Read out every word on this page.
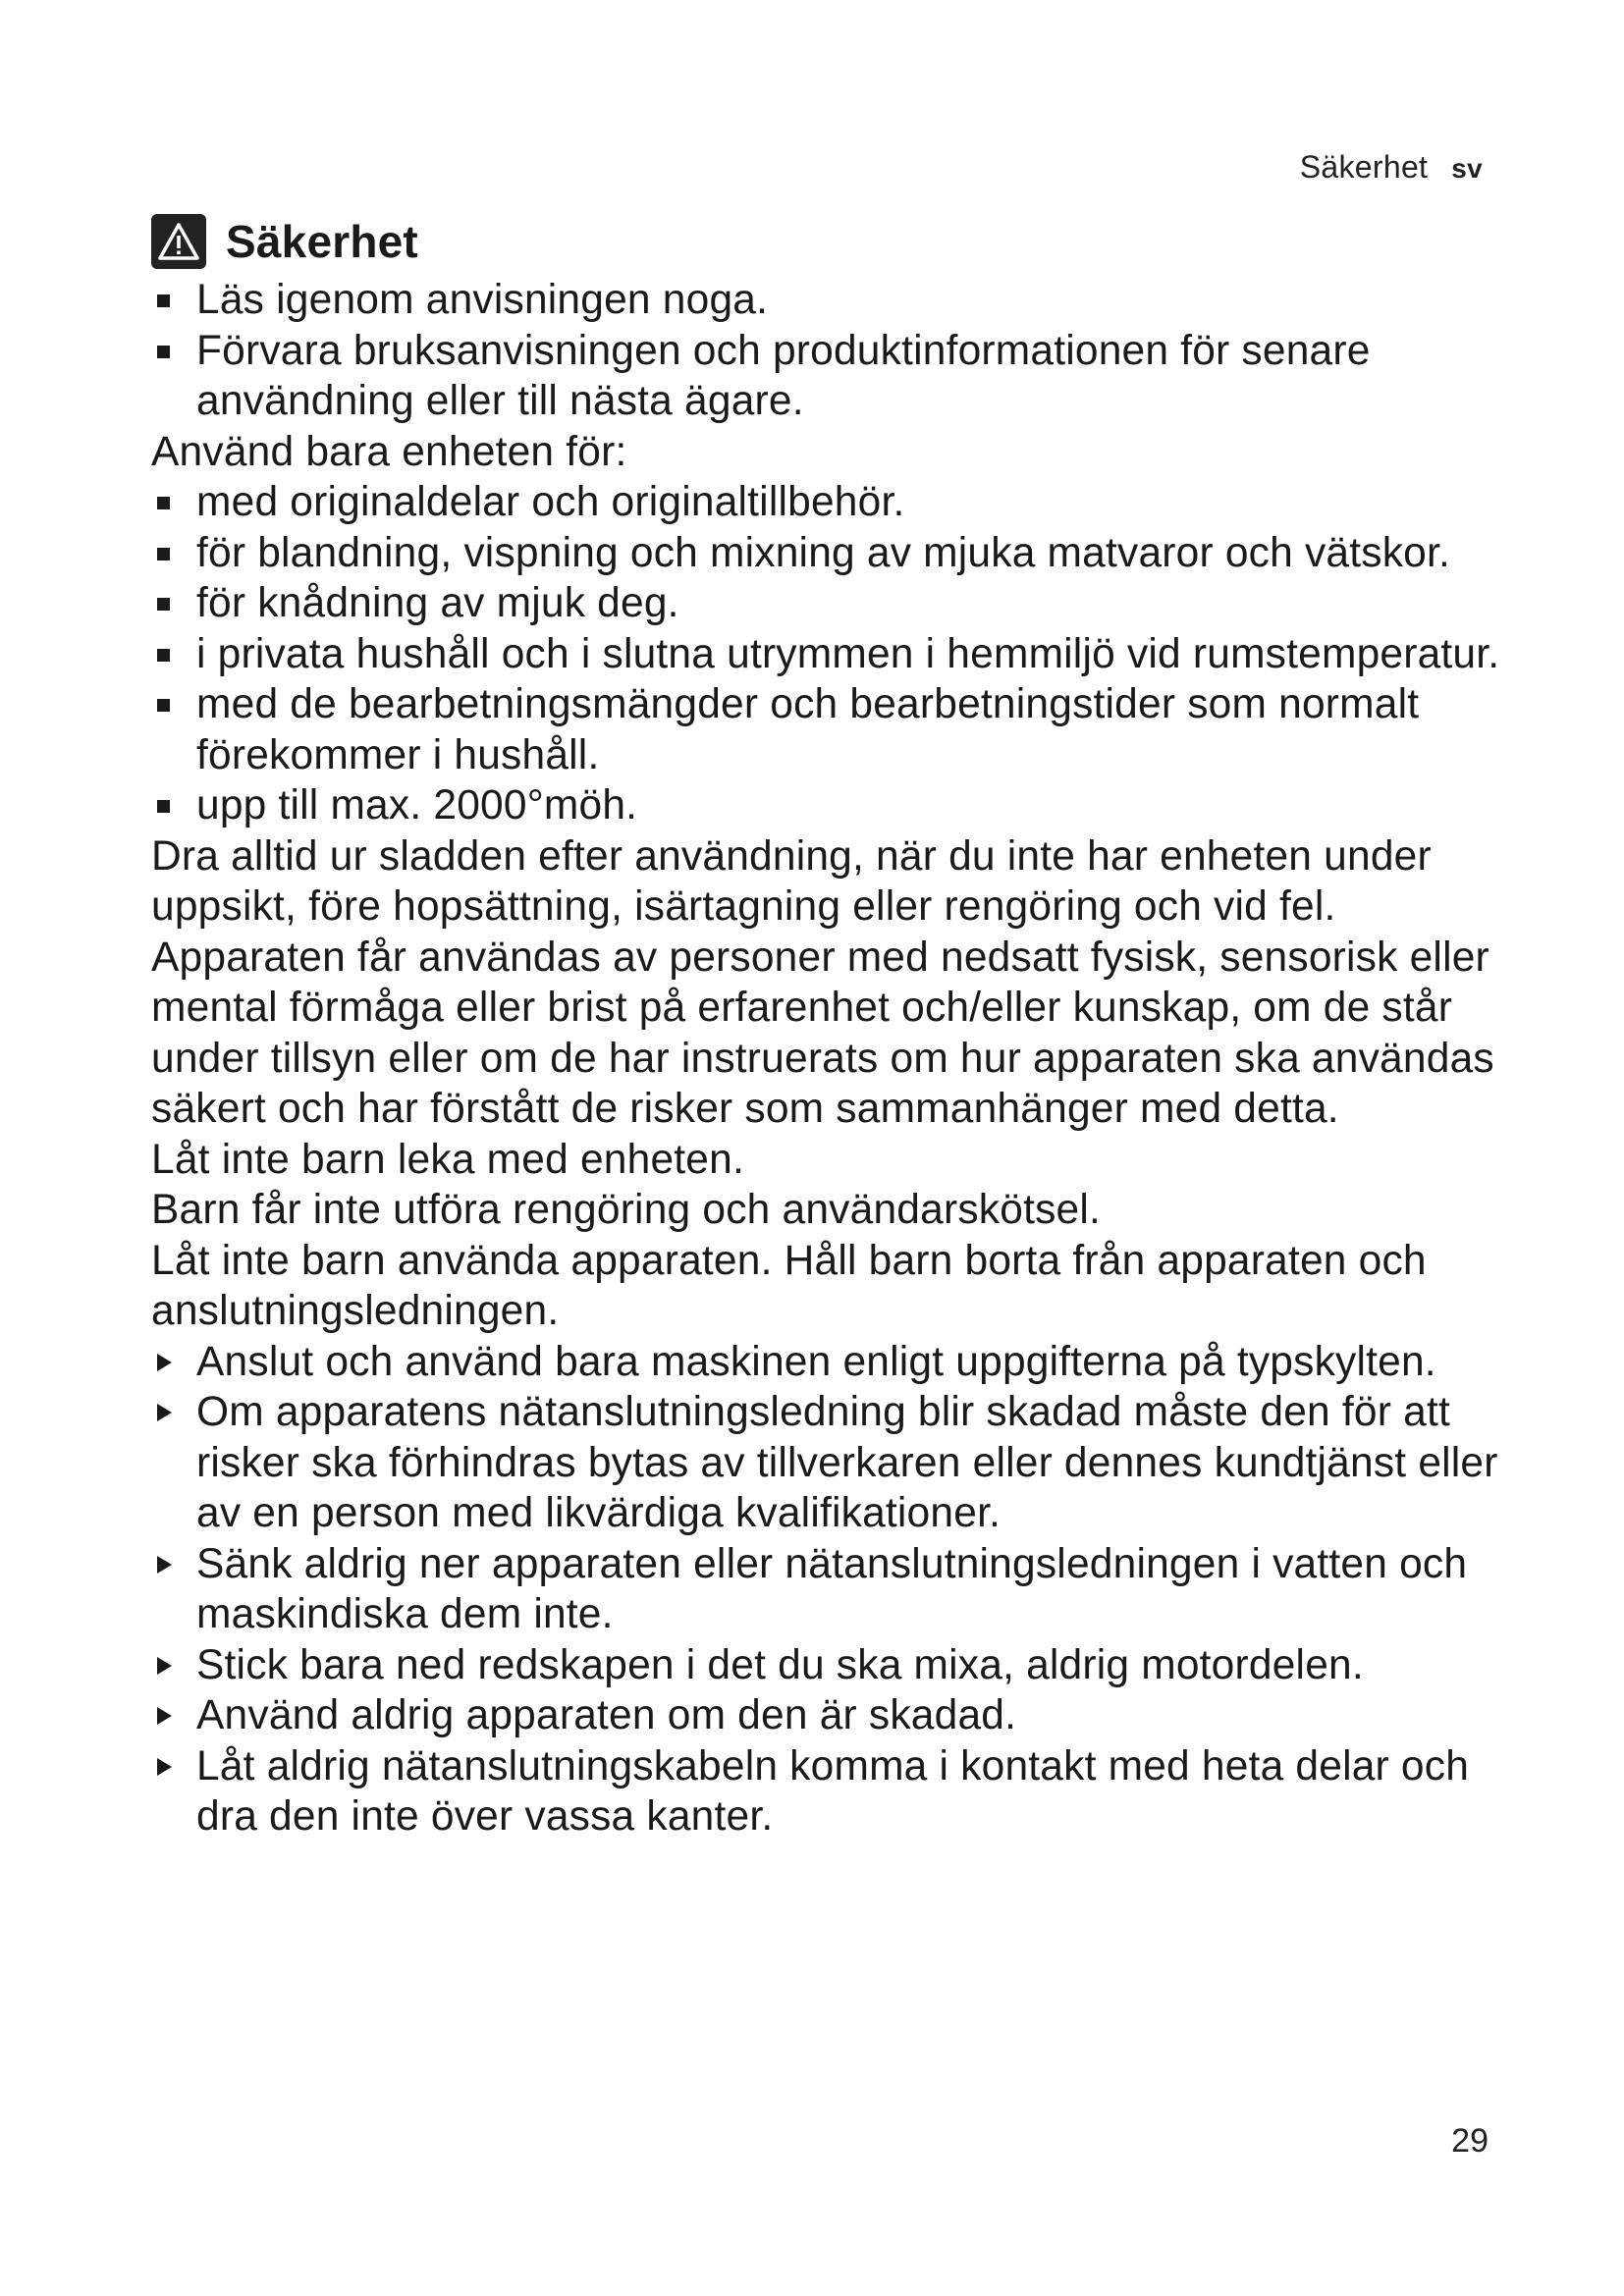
Säkerhet sv
Säkerhet
Läs igenom anvisningen noga.
Förvara bruksanvisningen och produktinformationen för senare användning eller till nästa ägare.

Använd bara enheten för:

med originaldelar och originaltillbehör.
för blandning, vispning och mixning av mjuka matvaror och vätskor.
för knådning av mjuk deg.
i privata hushåll och i slutna utrymmen i hemmiljö vid rumstemperatur.
med de bearbetningsmängder och bearbetningstider som normalt förekommer i hushåll.
upp till max. 2000°möh.

Dra alltid ur sladden efter användning, när du inte har enheten under uppsikt, före hopsättning, isärtagning eller rengöring och vid fel.

Apparaten får användas av personer med nedsatt fysisk, sensorisk eller mental förmåga eller brist på erfarenhet och/eller kunskap, om de står under tillsyn eller om de har instruerats om hur apparaten ska användas säkert och har förstått de risker som sammanhänger med detta.

Låt inte barn leka med enheten.

Barn får inte utföra rengöring och användarskötsel.

Låt inte barn använda apparaten. Håll barn borta från apparaten och anslutningsledningen.

Anslut och använd bara maskinen enligt uppgifterna på typskylten.
Om apparatens nätanslutningsledning blir skadad måste den för att risker ska förhindras bytas av tillverkaren eller dennes kundtjänst eller av en person med likvärdiga kvalifikationer.
Sänk aldrig ner apparaten eller nätanslutningsledningen i vatten och maskindiska dem inte.
Stick bara ned redskapen i det du ska mixa, aldrig motordelen.
Använd aldrig apparaten om den är skadad.
Låt aldrig nätanslutningskabeln komma i kontakt med heta delar och dra den inte över vassa kanter.
29
